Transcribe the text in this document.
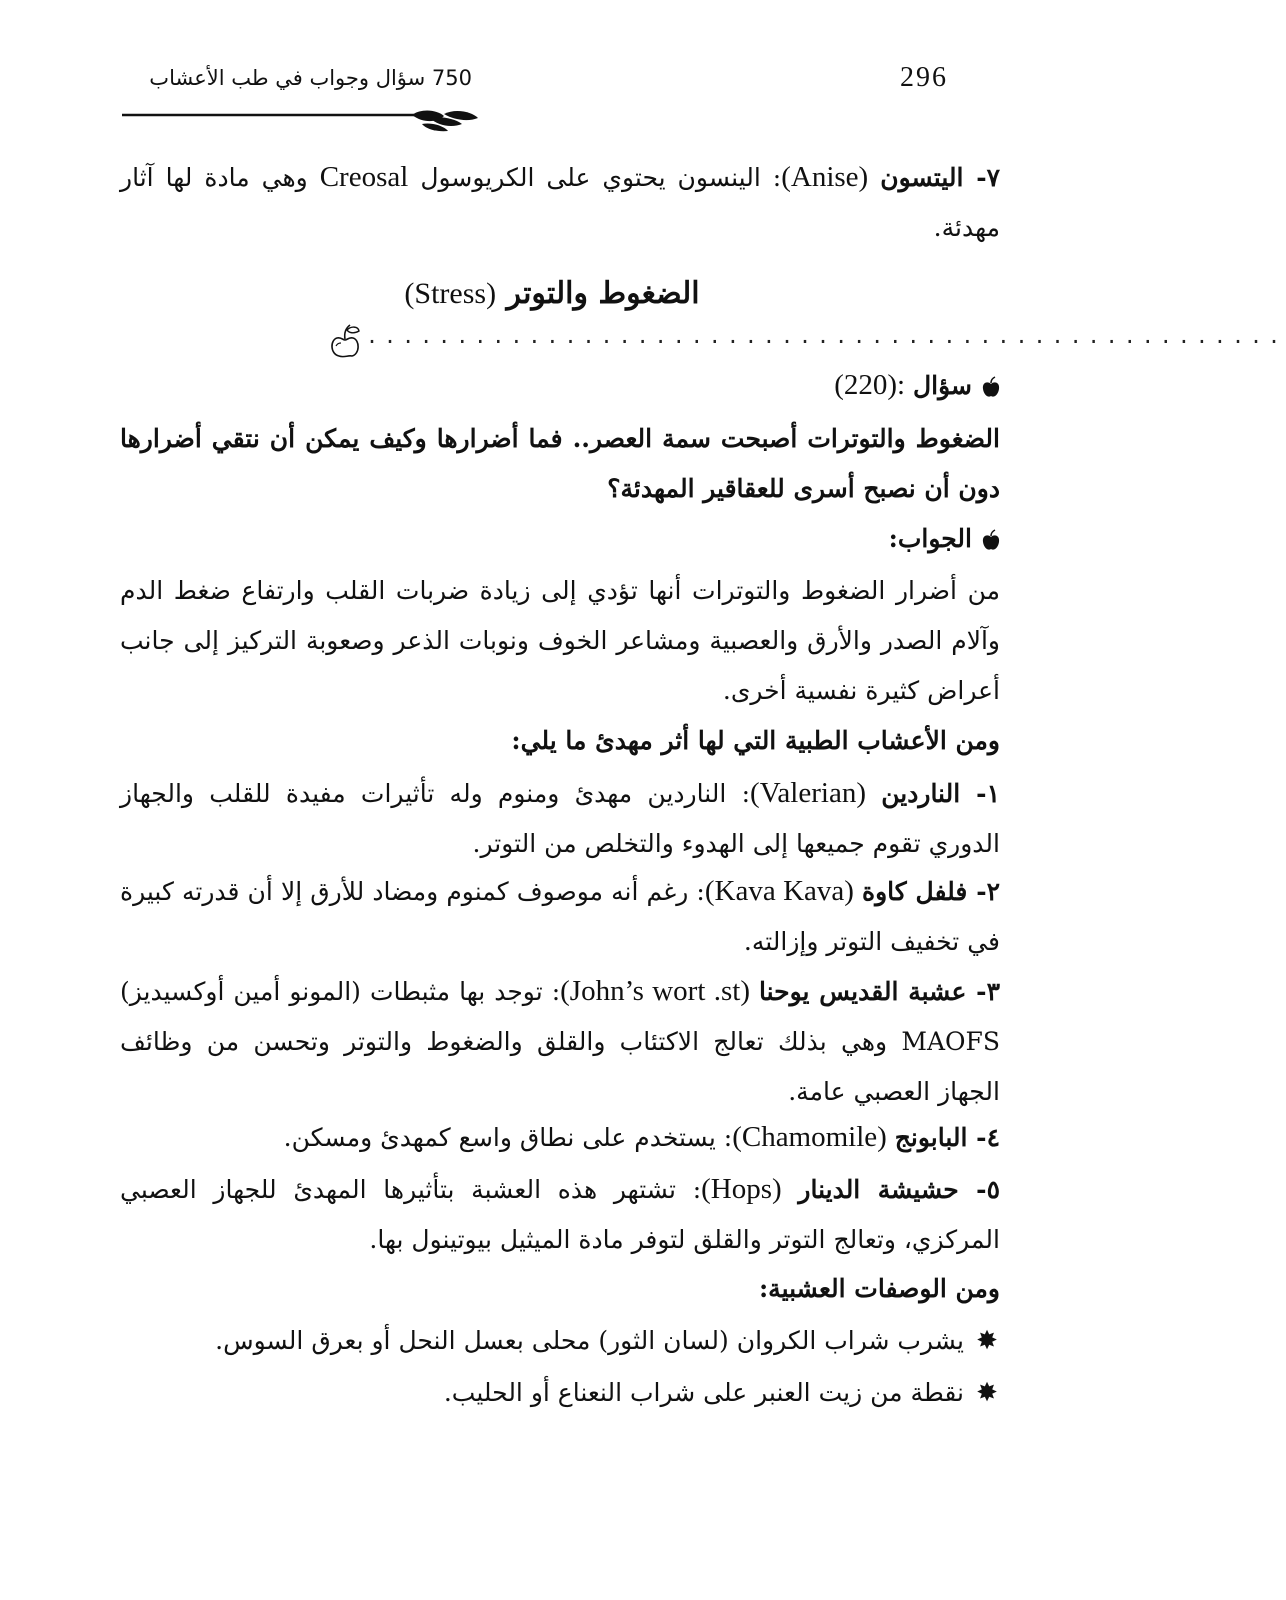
296
750 سؤال وجواب في طب الأعشاب
٧- اليتسون (Anise): الينسون يحتوي على الكريوسول Creosal وهي مادة لها آثار مهدئة.
الضغوط والتوتر (Stress)
...................................................
سؤال (220):
الضغوط والتوترات أصبحت سمة العصر.. فما أضرارها وكيف يمكن أن نتقي أضرارها دون أن نصبح أسرى للعقاقير المهدئة؟
الجواب:
من أضرار الضغوط والتوترات أنها تؤدي إلى زيادة ضربات القلب وارتفاع ضغط الدم وآلام الصدر والأرق والعصبية ومشاعر الخوف ونوبات الذعر وصعوبة التركيز إلى جانب أعراض كثيرة نفسية أخرى.
ومن الأعشاب الطبية التي لها أثر مهدئ ما يلي:
١- الناردين (Valerian): الناردين مهدئ ومنوم وله تأثيرات مفيدة للقلب والجهاز الدوري تقوم جميعها إلى الهدوء والتخلص من التوتر.
٢- فلفل كاوة (Kava Kava): رغم أنه موصوف كمنوم ومضاد للأرق إلا أن قدرته كبيرة في تخفيف التوتر وإزالته.
٣- عشبة القديس يوحنا (John’s wort .st): توجد بها مثبطات (المونو أمين أوكسيديز) MAOFS وهي بذلك تعالج الاكتئاب والقلق والضغوط والتوتر وتحسن من وظائف الجهاز العصبي عامة.
٤- البابونج (Chamomile): يستخدم على نطاق واسع كمهدئ ومسكن.
٥- حشيشة الدينار (Hops): تشتهر هذه العشبة بتأثيرها المهدئ للجهاز العصبي المركزي، وتعالج التوتر والقلق لتوفر مادة الميثيل بيوتينول بها.
ومن الوصفات العشبية:
✸يشرب شراب الكروان (لسان الثور) محلى بعسل النحل أو بعرق السوس.
✸نقطة من زيت العنبر على شراب النعناع أو الحليب.
